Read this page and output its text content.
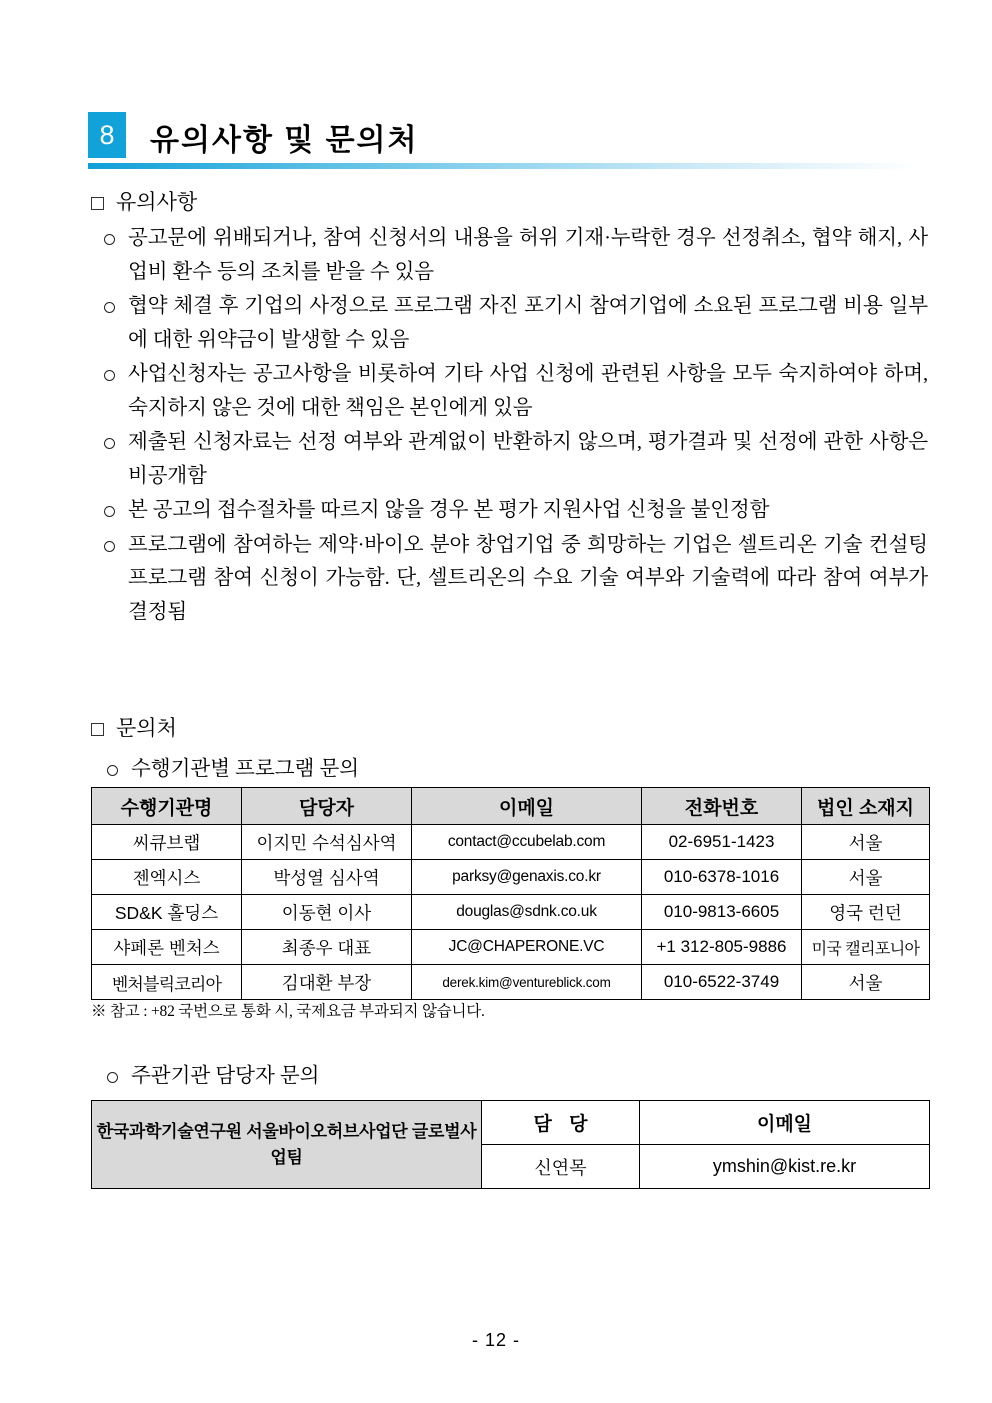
8	유의사항 및 문의처
유의사항
공고문에 위배되거나, 참여 신청서의 내용을 허위 기재·누락한 경우 선정취소, 협약 해지, 사업비 환수 등의 조치를 받을 수 있음
협약 체결 후 기업의 사정으로 프로그램 자진 포기시 참여기업에 소요된 프로그램 비용 일부에 대한 위약금이 발생할 수 있음
사업신청자는 공고사항을 비롯하여 기타 사업 신청에 관련된 사항을 모두 숙지하여야 하며, 숙지하지 않은 것에 대한 책임은 본인에게 있음
제출된 신청자료는 선정 여부와 관계없이 반환하지 않으며, 평가결과 및 선정에 관한 사항은 비공개함
본 공고의 접수절차를 따르지 않을 경우 본 평가 지원사업 신청을 불인정함
프로그램에 참여하는 제약·바이오 분야 창업기업 중 희망하는 기업은 셀트리온 기술 컨설팅 프로그램 참여 신청이 가능함. 단, 셀트리온의 수요 기술 여부와 기술력에 따라 참여 여부가 결정됨
문의처
수행기관별 프로그램 문의
수행기관명	담당자	이메일	전화번호	법인 소재지
씨큐브랩	이지민 수석심사역	contact@ccubelab.com	02-6951-1423	서울
젠엑시스	박성열 심사역	parksy@genaxis.co.kr	010-6378-1016	서울
SD&K 홀딩스	이동현 이사	douglas@sdnk.co.uk	010-9813-6605	영국 런던
샤페론 벤처스	최종우 대표	JC@CHAPERONE.VC	+1 312-805-9886	미국 캘리포니아
벤처블릭코리아	김대환 부장	derek.kim@ventureblick.com	010-6522-3749	서울
※ 참고 : +82 국번으로 통화 시, 국제요금 부과되지 않습니다.
주관기관 담당자 문의
한국과학기술연구원 서울바이오허브사업단 글로벌사업팀	담 당	이메일
	신연목	ymshin@kist.re.kr
- 12 -
